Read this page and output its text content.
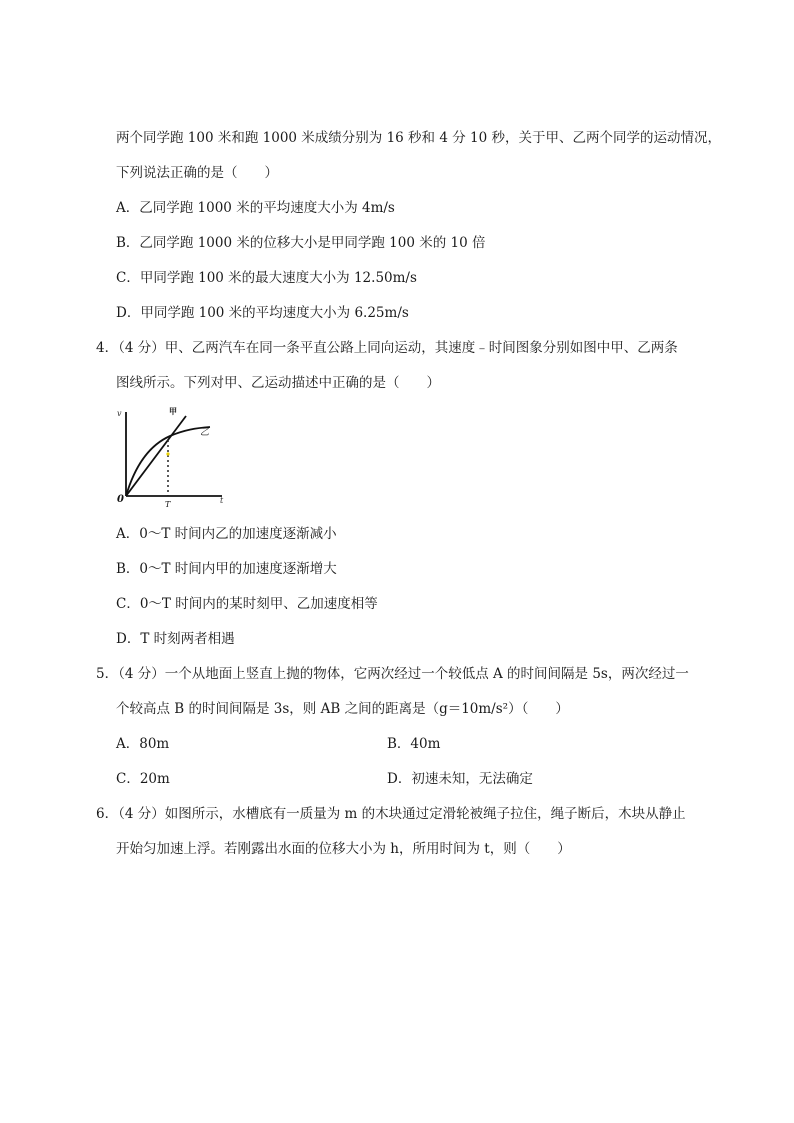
两个同学跑 100 米和跑 1000 米成绩分别为 16 秒和 4 分 10 秒，关于甲、乙两个同学的运动情况，
下列说法正确的是（　　）
A．乙同学跑 1000 米的平均速度大小为 4m/s
B．乙同学跑 1000 米的位移大小是甲同学跑 100 米的 10 倍
C．甲同学跑 100 米的最大速度大小为 12.50m/s
D．甲同学跑 100 米的平均速度大小为 6.25m/s
4．（4 分）甲、乙两汽车在同一条平直公路上同向运动，其速度﹣时间图象分别如图中甲、乙两条
图线所示。下列对甲、乙运动描述中正确的是（　　）
v
t
0	T
甲
乙
A．0～T 时间内乙的加速度逐渐减小
B．0～T 时间内甲的加速度逐渐增大
C．0～T 时间内的某时刻甲、乙加速度相等
D．T 时刻两者相遇
5．（4 分）一个从地面上竖直上抛的物体，它两次经过一个较低点 A 的时间间隔是 5s，两次经过一
个较高点 B 的时间间隔是 3s，则 AB 之间的距离是（g＝10m/s²）（　　）
A．80m	B．40m
C．20m	D．初速未知，无法确定
6．（4 分）如图所示，水槽底有一质量为 m 的木块通过定滑轮被绳子拉住，绳子断后，木块从静止
开始匀加速上浮。若刚露出水面的位移大小为 h，所用时间为 t，则（　　）
